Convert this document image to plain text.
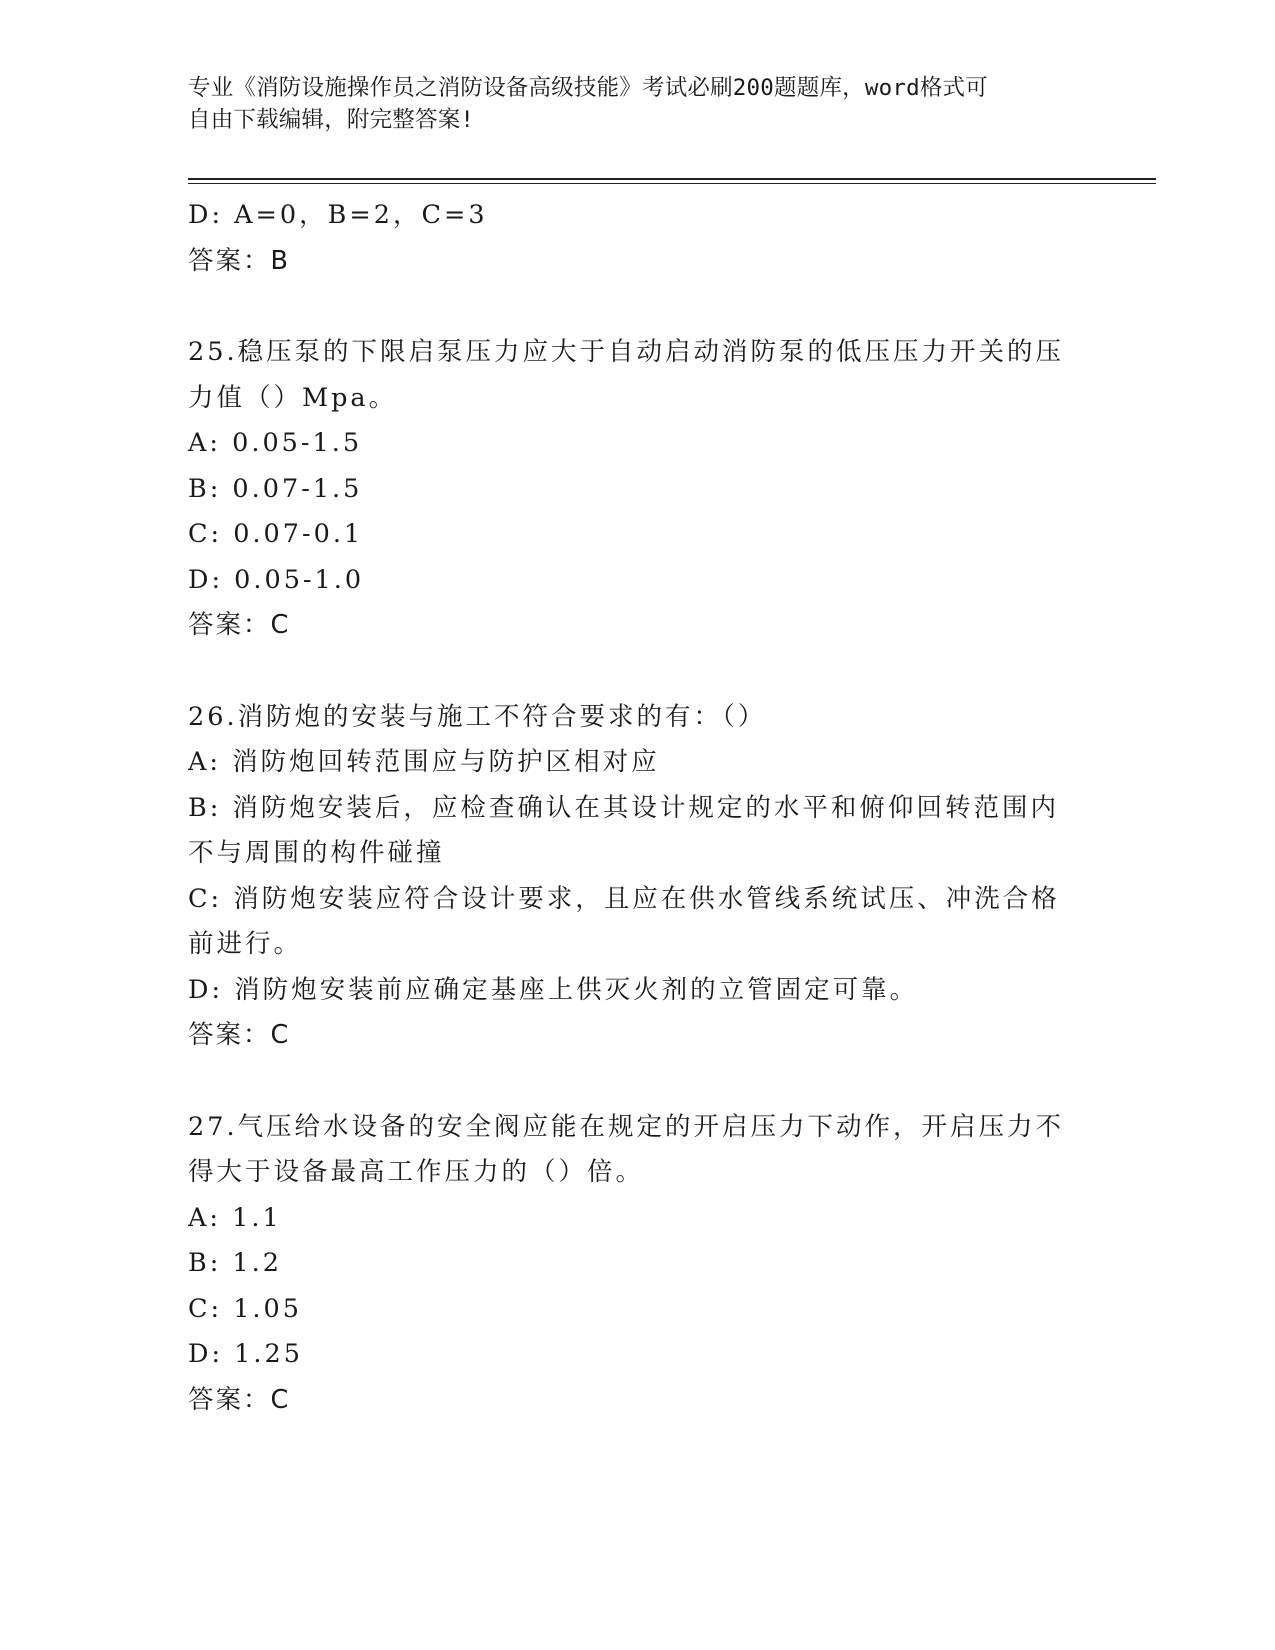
专业《消防设施操作员之消防设备高级技能》考试必刷200题题库，word格式可
自由下载编辑，附完整答案!
D: A=0，B=2，C=3
答案：B
25.稳压泵的下限启泵压力应大于自动启动消防泵的低压压力开关的压
力值（）Mpa。
A: 0.05-1.5
B: 0.07-1.5
C: 0.07-0.1
D: 0.05-1.0
答案：C
26.消防炮的安装与施工不符合要求的有：（）
A: 消防炮回转范围应与防护区相对应
B: 消防炮安装后，应检查确认在其设计规定的水平和俯仰回转范围内
不与周围的构件碰撞
C: 消防炮安装应符合设计要求，且应在供水管线系统试压、冲洗合格
前进行。
D: 消防炮安装前应确定基座上供灭火剂的立管固定可靠。
答案：C
27.气压给水设备的安全阀应能在规定的开启压力下动作，开启压力不
得大于设备最高工作压力的（）倍。
A: 1.1
B: 1.2
C: 1.05
D: 1.25
答案：C
